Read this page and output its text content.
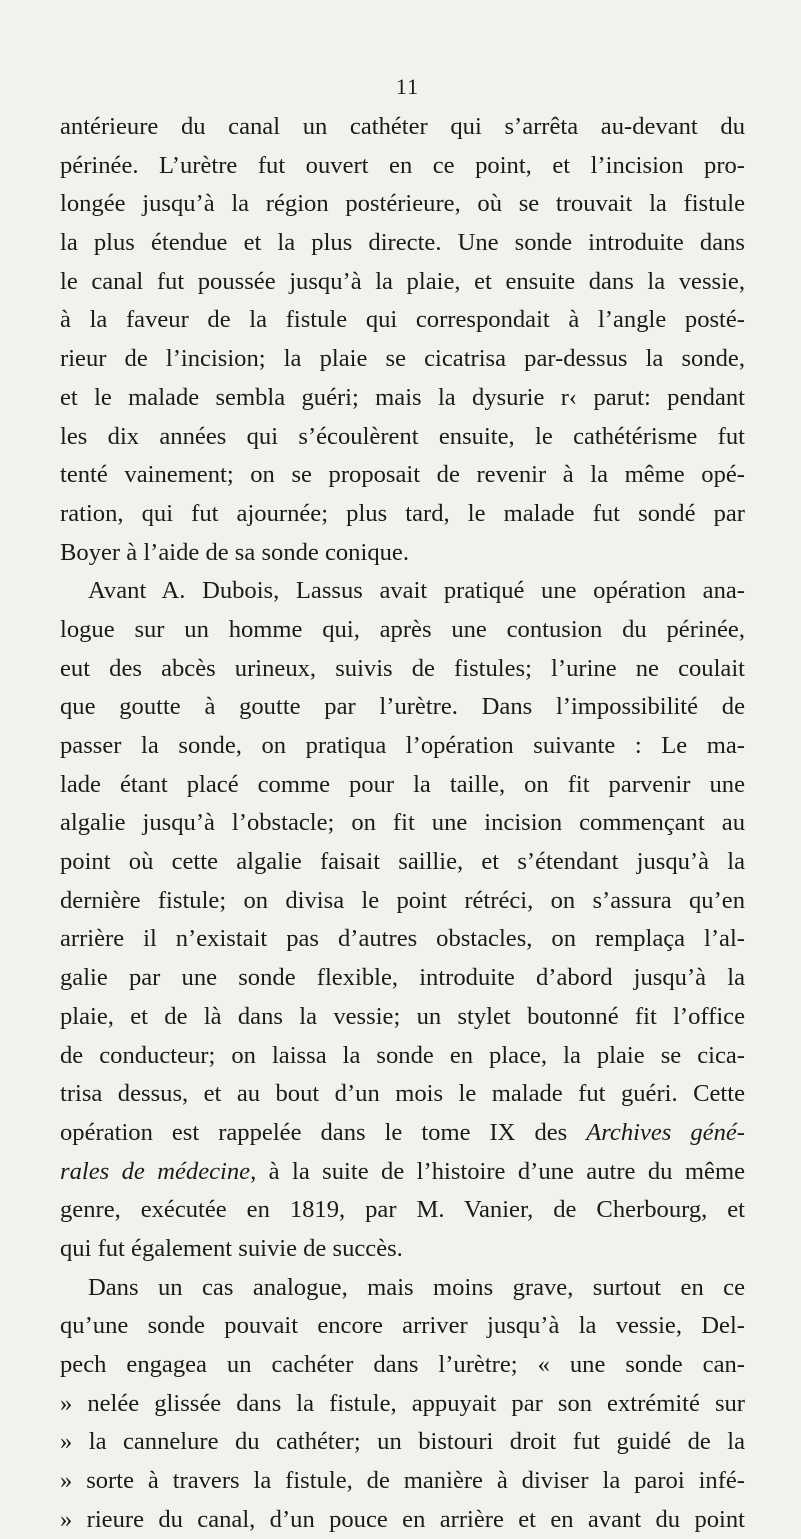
11
antérieure du canal un cathéter qui s’arrêta au-devant du
périnée. L’urètre fut ouvert en ce point, et l’incision pro-
longée jusqu’à la région postérieure, où se trouvait la fistule
la plus étendue et la plus directe. Une sonde introduite dans
le canal fut poussée jusqu’à la plaie, et ensuite dans la vessie,
à la faveur de la fistule qui correspondait à l’angle posté-
rieur de l’incision; la plaie se cicatrisa par-dessus la sonde,
et le malade sembla guéri; mais la dysurie r‹ parut: pendant
les dix années qui s’écoulèrent ensuite, le cathétérisme fut
tenté vainement; on se proposait de revenir à la même opé-
ration, qui fut ajournée; plus tard, le malade fut sondé par
Boyer à l’aide de sa sonde conique.
Avant A. Dubois, Lassus avait pratiqué une opération ana-
logue sur un homme qui, après une contusion du périnée,
eut des abcès urineux, suivis de fistules; l’urine ne coulait
que goutte à goutte par l’urètre. Dans l’impossibilité de
passer la sonde, on pratiqua l’opération suivante : Le ma-
lade étant placé comme pour la taille, on fit parvenir une
algalie jusqu’à l’obstacle; on fit une incision commençant au
point où cette algalie faisait saillie, et s’étendant jusqu’à la
dernière fistule; on divisa le point rétréci, on s’assura qu’en
arrière il n’existait pas d’autres obstacles, on remplaça l’al-
galie par une sonde flexible, introduite d’abord jusqu’à la
plaie, et de là dans la vessie; un stylet boutonné fit l’office
de conducteur; on laissa la sonde en place, la plaie se cica-
trisa dessus, et au bout d’un mois le malade fut guéri. Cette
opération est rappelée dans le tome IX des Archives géné-
rales de médecine, à la suite de l’histoire d’une autre du même
genre, exécutée en 1819, par M. Vanier, de Cherbourg, et
qui fut également suivie de succès.
Dans un cas analogue, mais moins grave, surtout en ce
qu’une sonde pouvait encore arriver jusqu’à la vessie, Del-
pech engagea un cachéter dans l’urètre; « une sonde can-
» nelée glissée dans la fistule, appuyait par son extrémité sur
» la cannelure du cathéter; un bistouri droit fut guidé de la
» sorte à travers la fistule, de manière à diviser la paroi infé-
» rieure du canal, d’un pouce en arrière et en avant du point
